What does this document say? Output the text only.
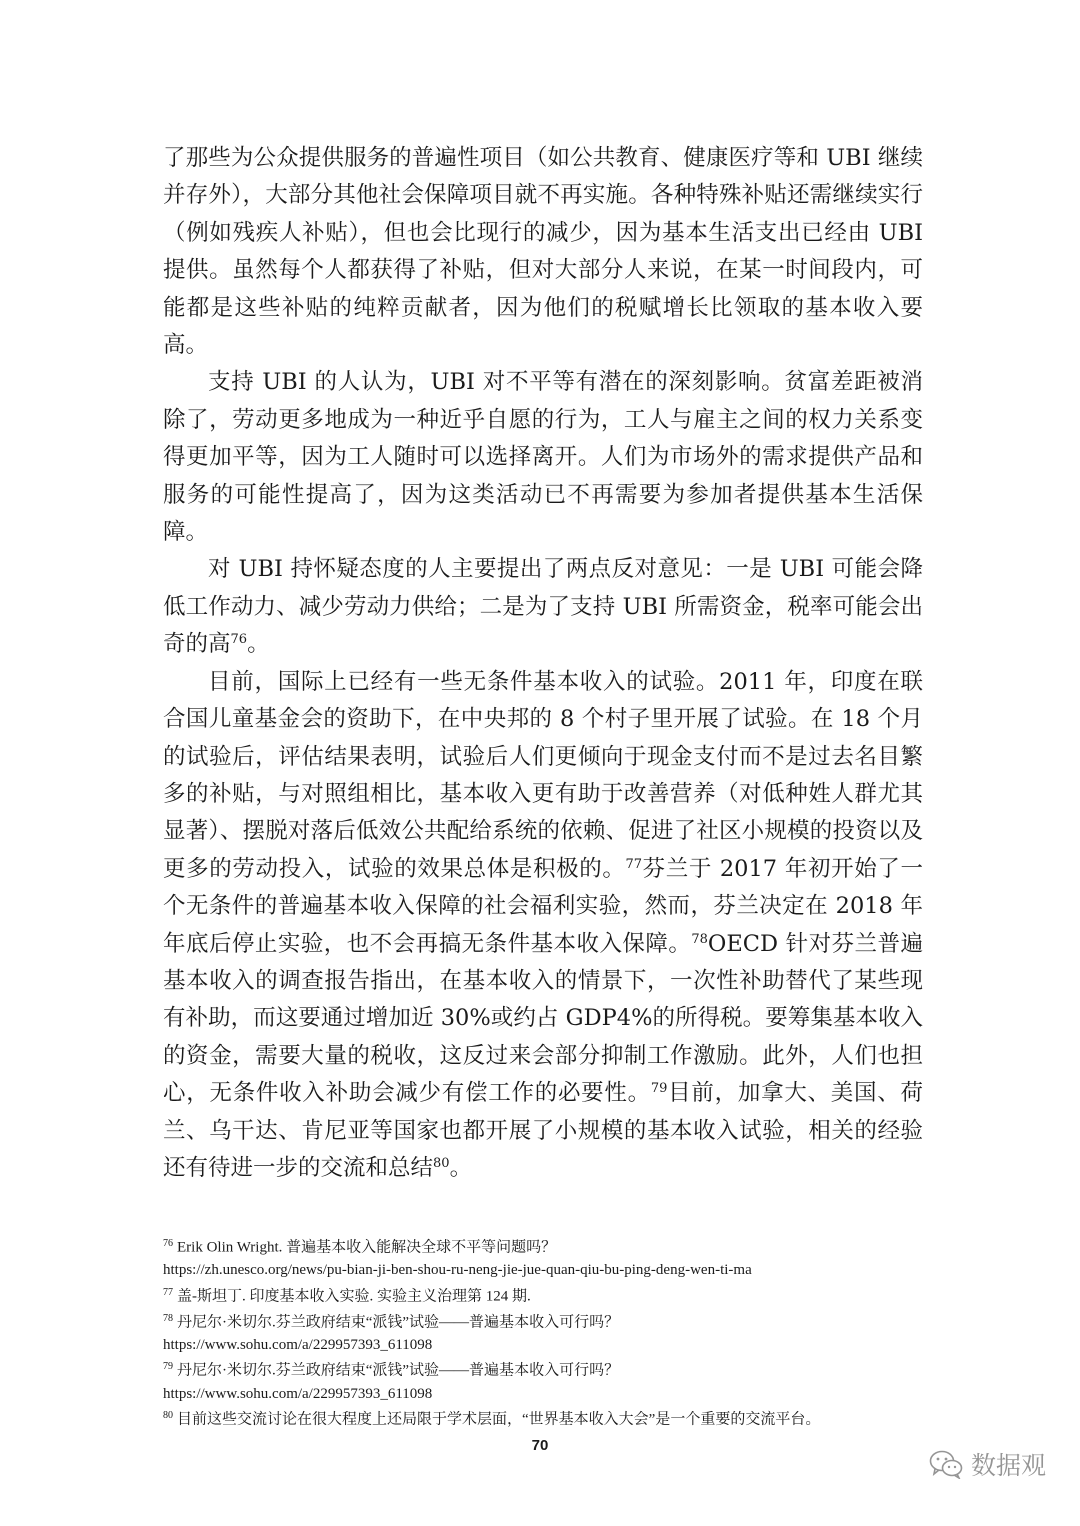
了那些为公众提供服务的普遍性项目（如公共教育、健康医疗等和 UBI 继续并存外），大部分其他社会保障项目就不再实施。各种特殊补贴还需继续实行（例如残疾人补贴），但也会比现行的减少，因为基本生活支出已经由 UBI 提供。虽然每个人都获得了补贴，但对大部分人来说，在某一时间段内，可能都是这些补贴的纯粹贡献者，因为他们的税赋增长比领取的基本收入要高。

支持 UBI 的人认为，UBI 对不平等有潜在的深刻影响。贫富差距被消除了，劳动更多地成为一种近乎自愿的行为，工人与雇主之间的权力关系变得更加平等，因为工人随时可以选择离开。人们为市场外的需求提供产品和服务的可能性提高了，因为这类活动已不再需要为参加者提供基本生活保障。

对 UBI 持怀疑态度的人主要提出了两点反对意见：一是 UBI 可能会降低工作动力、减少劳动力供给；二是为了支持 UBI 所需资金，税率可能会出奇的高$^{76}$。

目前，国际上已经有一些无条件基本收入的试验。2011 年，印度在联合国儿童基金会的资助下，在中央邦的 8 个村子里开展了试验。在 18 个月的试验后，评估结果表明，试验后人们更倾向于现金支付而不是过去名目繁多的补贴，与对照组相比，基本收入更有助于改善营养（对低种姓人群尤其显著）、摆脱对落后低效公共配给系统的依赖、促进了社区小规模的投资以及更多的劳动投入，试验的效果总体是积极的。$^{77}$芬兰于 2017 年初开始了一个无条件的普遍基本收入保障的社会福利实验，然而，芬兰决定在 2018 年年底后停止实验，也不会再搞无条件基本收入保障。$^{78}$OECD 针对芬兰普遍基本收入的调查报告指出，在基本收入的情景下，一次性补助替代了某些现有补助，而这要通过增加近 30%或约占 GDP4%的所得税。要筹集基本收入的资金，需要大量的税收，这反过来会部分抑制工作激励。此外，人们也担心，无条件收入补助会减少有偿工作的必要性。$^{79}$目前，加拿大、美国、荷兰、乌干达、肯尼亚等国家也都开展了小规模的基本收入试验，相关的经验还有待进一步的交流和总结$^{80}$。

$^{76}$ Erik Olin Wright. 普遍基本收入能解决全球不平等问题吗？

https://zh.unesco.org/news/pu-bian-ji-ben-shou-ru-neng-jie-jue-quan-qiu-bu-ping-deng-wen-ti-ma

$^{77}$ 盖-斯坦丁. 印度基本收入实验. 实验主义治理第 124 期.

$^{78}$ 丹尼尔·米切尔.芬兰政府结束“派钱”试验——普遍基本收入可行吗？

https://www.sohu.com/a/229957393_611098

$^{79}$ 丹尼尔·米切尔.芬兰政府结束“派钱”试验——普遍基本收入可行吗？

https://www.sohu.com/a/229957393_611098

$^{80}$ 目前这些交流讨论在很大程度上还局限于学术层面，“世界基本收入大会”是一个重要的交流平台。

70
数据观
